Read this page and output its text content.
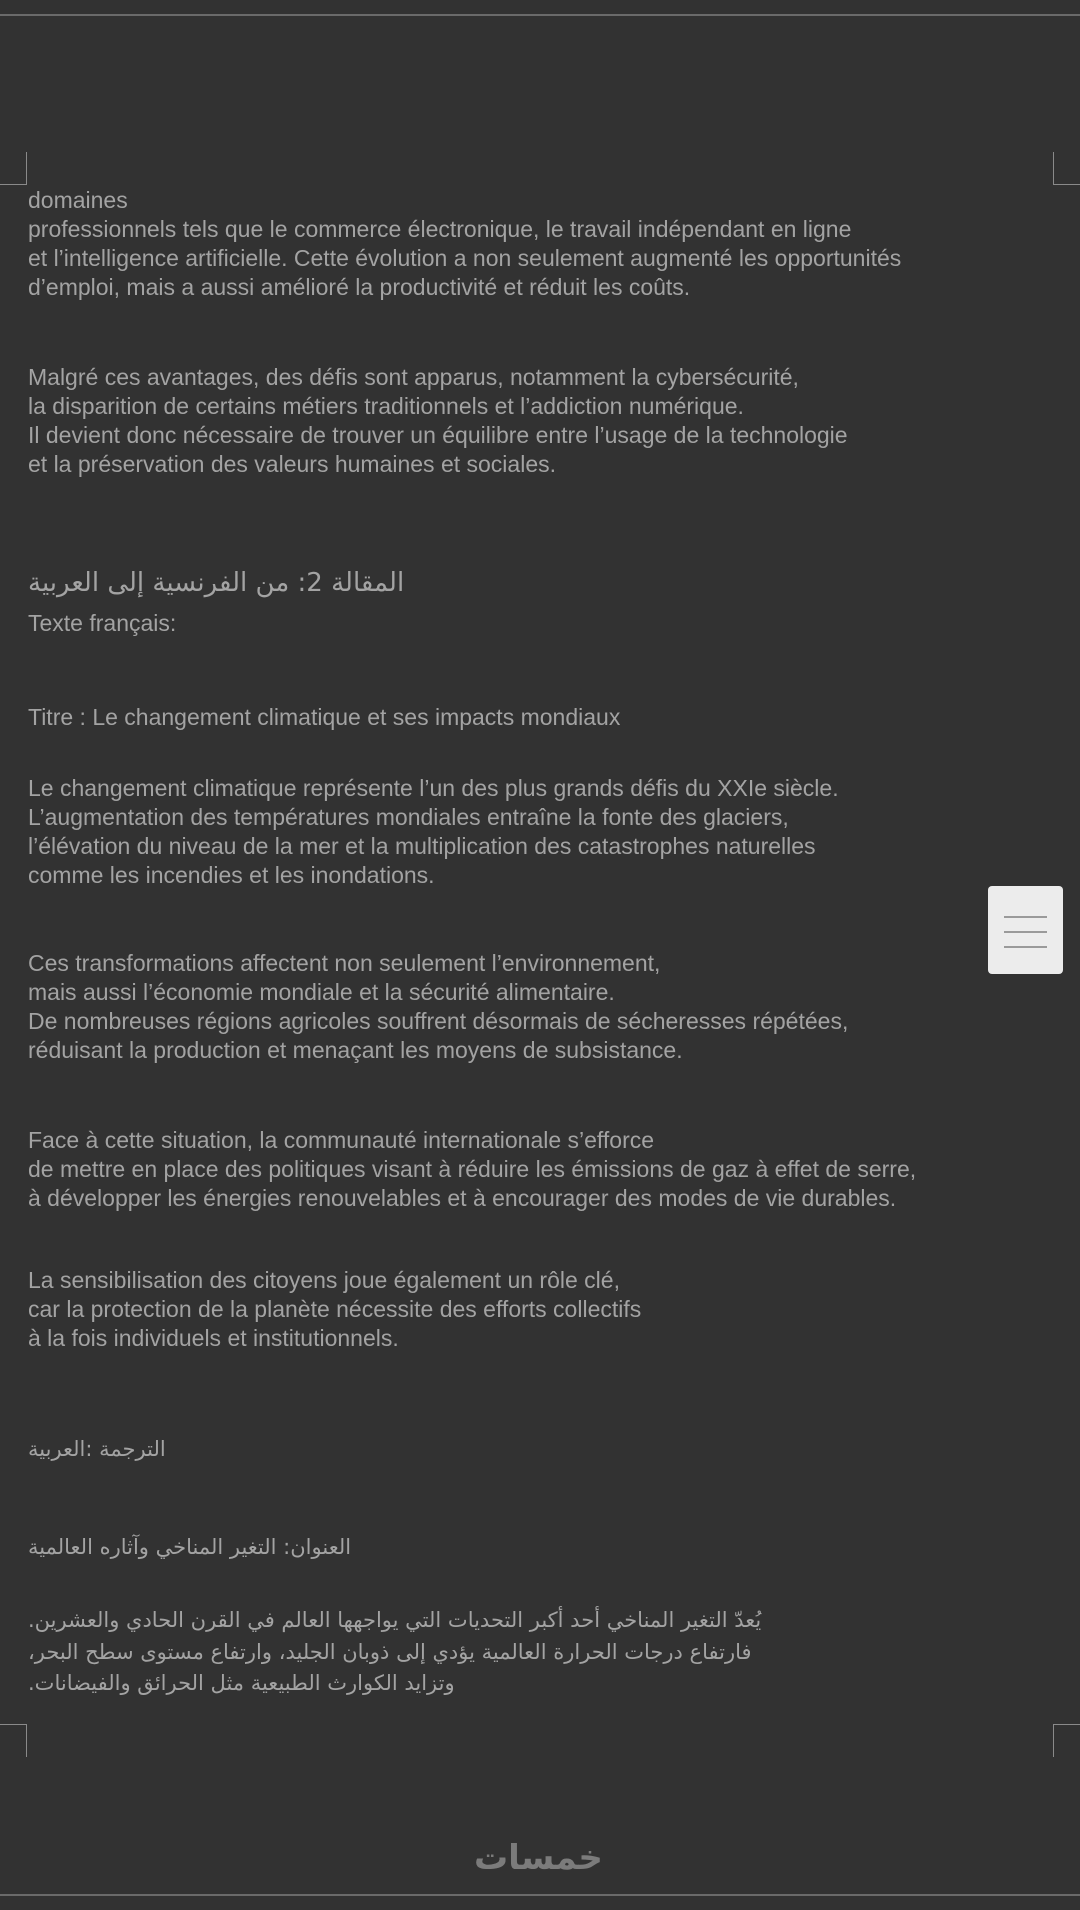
domaines
professionnels tels que le commerce électronique, le travail indépendant en ligne
et l’intelligence artificielle. Cette évolution a non seulement augmenté les opportunités
d’emploi, mais a aussi amélioré la productivité et réduit les coûts.

Malgré ces avantages, des défis sont apparus, notamment la cybersécurité,
la disparition de certains métiers traditionnels et l’addiction numérique.
Il devient donc nécessaire de trouver un équilibre entre l’usage de la technologie
et la préservation des valeurs humaines et sociales.

المقالة 2: من الفرنسية إلى العربية

Texte français:

Titre : Le changement climatique et ses impacts mondiaux

Le changement climatique représente l’un des plus grands défis du XXIe siècle.
L’augmentation des températures mondiales entraîne la fonte des glaciers,
l’élévation du niveau de la mer et la multiplication des catastrophes naturelles
comme les incendies et les inondations.

Ces transformations affectent non seulement l’environnement,
mais aussi l’économie mondiale et la sécurité alimentaire.
De nombreuses régions agricoles souffrent désormais de sécheresses répétées,
réduisant la production et menaçant les moyens de subsistance.

Face à cette situation, la communauté internationale s’efforce
de mettre en place des politiques visant à réduire les émissions de gaz à effet de serre,
à développer les énergies renouvelables et à encourager des modes de vie durables.

La sensibilisation des citoyens joue également un rôle clé,
car la protection de la planète nécessite des efforts collectifs
à la fois individuels et institutionnels.

الترجمة :العربية

العنوان: التغير المناخي وآثاره العالمية

يُعدّ التغير المناخي أحد أكبر التحديات التي يواجهها العالم في القرن الحادي والعشرين.
فارتفاع درجات الحرارة العالمية يؤدي إلى ذوبان الجليد، وارتفاع مستوى سطح البحر،
وتزايد الكوارث الطبيعية مثل الحرائق والفيضانات.

خمسات
